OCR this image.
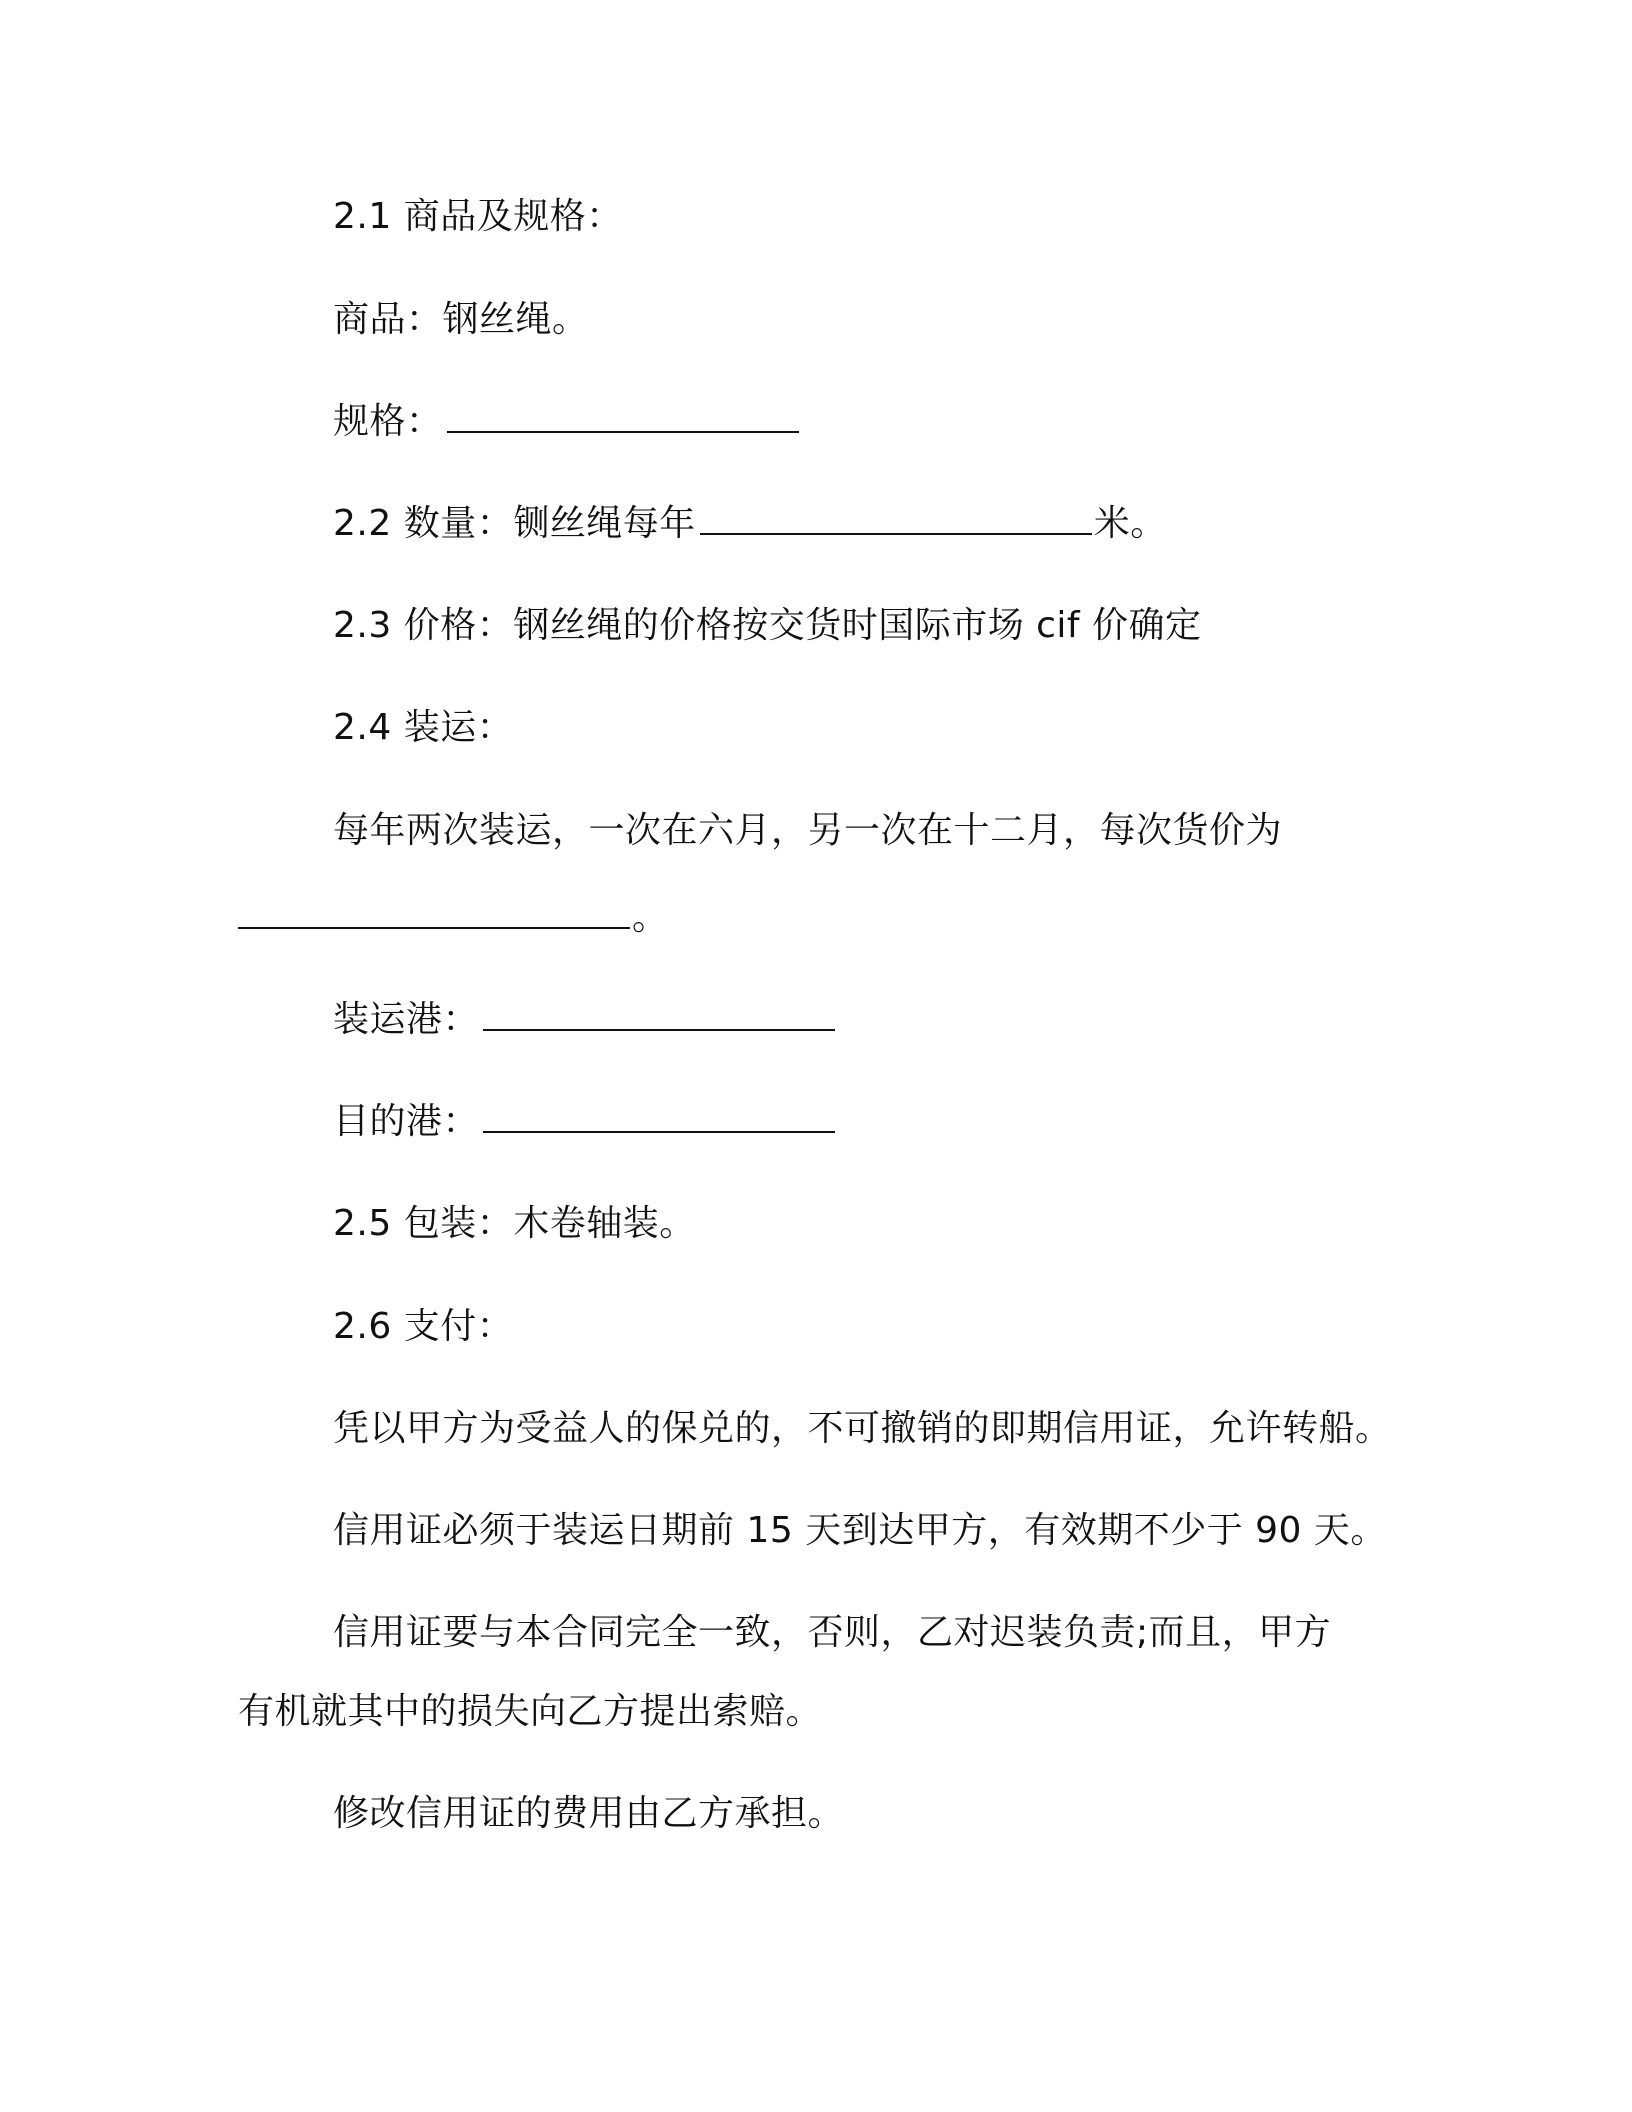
2.1 商品及规格：

商品：钢丝绳。

规格：

2.2 数量：铡丝绳每年	米。

2.3 价格：钢丝绳的价格按交货时国际市场 cif 价确定

2.4 装运：

每年两次装运，一次在六月，另一次在十二月，每次货价为

。

装运港：

目的港：

2.5 包装：木卷轴装。

2.6 支付：

凭以甲方为受益人的保兑的，不可撤销的即期信用证，允许转船。

信用证必须于装运日期前 15 天到达甲方，有效期不少于 90 天。

信用证要与本合同完全一致，否则，乙对迟装负责;而且，甲方

有机就其中的损失向乙方提出索赔。

修改信用证的费用由乙方承担。
